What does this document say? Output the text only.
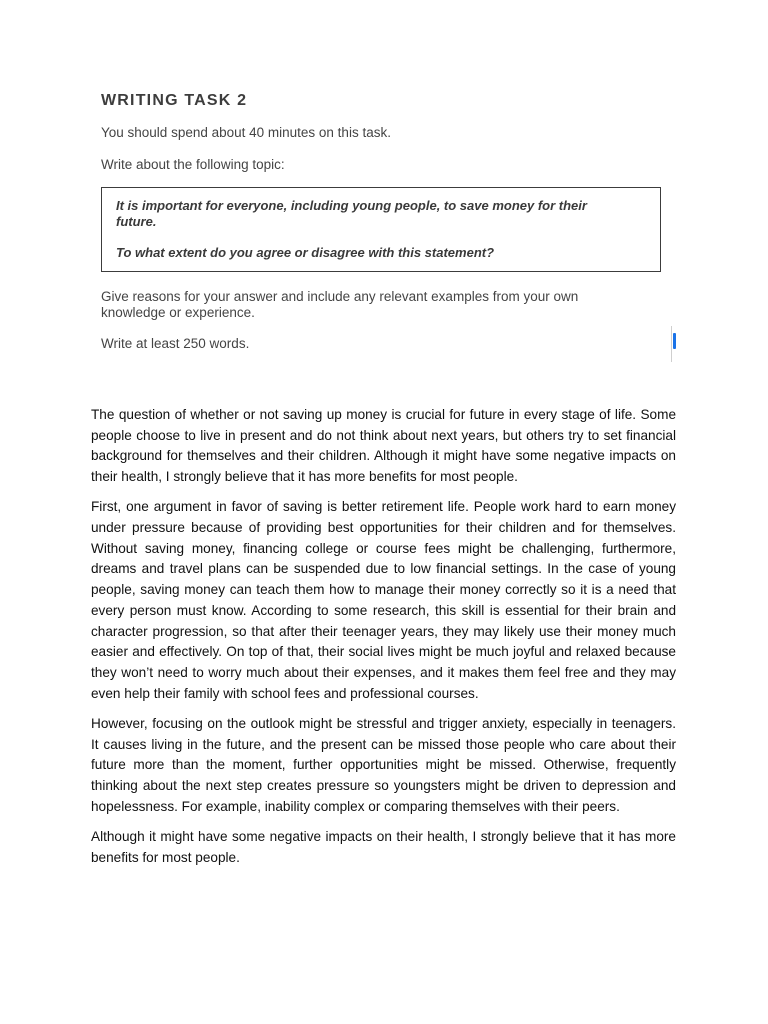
WRITING TASK 2
You should spend about 40 minutes on this task.
Write about the following topic:
It is important for everyone, including young people, to save money for their future.
To what extent do you agree or disagree with this statement?
Give reasons for your answer and include any relevant examples from your own knowledge or experience.
Write at least 250 words.

The question of whether or not saving up money is crucial for future in every stage of life. Some people choose to live in present and do not think about next years, but others try to set financial background for themselves and their children. Although it might have some negative impacts on their health, I strongly believe that it has more benefits for most people.

First, one argument in favor of saving is better retirement life. People work hard to earn money under pressure because of providing best opportunities for their children and for themselves. Without saving money, financing college or course fees might be challenging, furthermore, dreams and travel plans can be suspended due to low financial settings. In the case of young people, saving money can teach them how to manage their money correctly so it is a need that every person must know. According to some research, this skill is essential for their brain and character progression, so that after their teenager years, they may likely use their money much easier and effectively. On top of that, their social lives might be much joyful and relaxed because they won’t need to worry much about their expenses, and it makes them feel free and they may even help their family with school fees and professional courses.

However, focusing on the outlook might be stressful and trigger anxiety, especially in teenagers. It causes living in the future, and the present can be missed those people who care about their future more than the moment, further opportunities might be missed. Otherwise, frequently thinking about the next step creates pressure so youngsters might be driven to depression and hopelessness. For example, inability complex or comparing themselves with their peers.

Although it might have some negative impacts on their health, I strongly believe that it has more benefits for most people.
